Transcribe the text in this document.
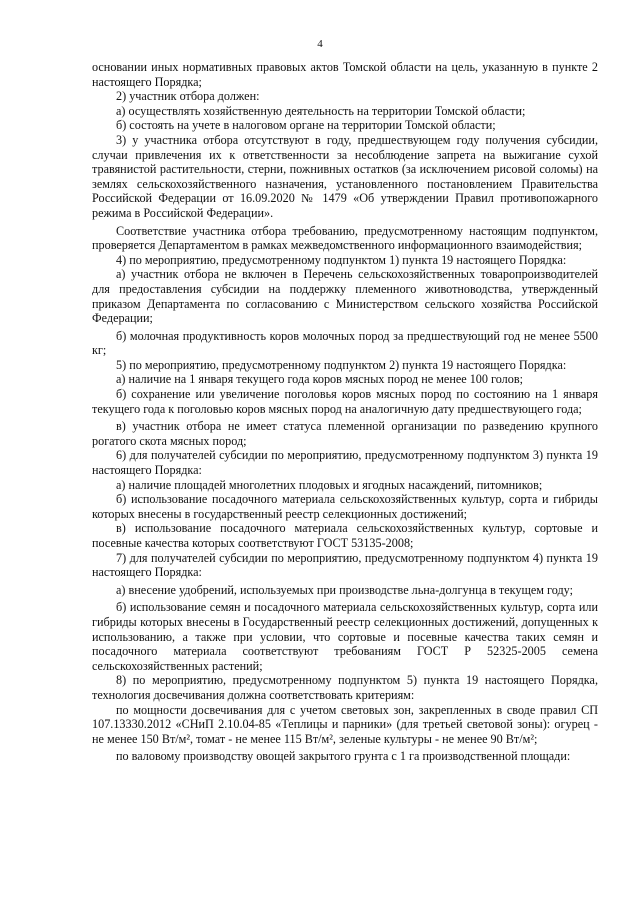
4

основании иных нормативных правовых актов Томской области на цель, указанную в пункте 2 настоящего Порядка;

2) участник отбора должен:

а) осуществлять хозяйственную деятельность на территории Томской области;

б) состоять на учете в налоговом органе на территории Томской области;

3) у участника отбора отсутствуют в году, предшествующем году получения субсидии, случаи привлечения их к ответственности за несоблюдение запрета на выжигание сухой травянистой растительности, стерни, пожнивных остатков (за исключением рисовой соломы) на землях сельскохозяйственного назначения, установленного постановлением Правительства Российской Федерации от 16.09.2020 № 1479 «Об утверждении Правил противопожарного режима в Российской Федерации».

Соответствие участника отбора требованию, предусмотренному настоящим подпунктом, проверяется Департаментом в рамках межведомственного информационного взаимодействия;

4) по мероприятию, предусмотренному подпунктом 1) пункта 19 настоящего Порядка:

а) участник отбора не включен в Перечень сельскохозяйственных товаропроизводителей для предоставления субсидии на поддержку племенного животноводства, утвержденный приказом Департамента по согласованию с Министерством сельского хозяйства Российской Федерации;

б) молочная продуктивность коров молочных пород за предшествующий год не менее 5500 кг;

5) по мероприятию, предусмотренному подпунктом 2) пункта 19 настоящего Порядка:

а) наличие на 1 января текущего года коров мясных пород не менее 100 голов;

б) сохранение или увеличение поголовья коров мясных пород по состоянию на 1 января текущего года к поголовью коров мясных пород на аналогичную дату предшествующего года;

в) участник отбора не имеет статуса племенной организации по разведению крупного рогатого скота мясных пород;

6) для получателей субсидии по мероприятию, предусмотренному подпунктом 3) пункта 19 настоящего Порядка:

а) наличие площадей многолетних плодовых и ягодных насаждений, питомников;

б) использование посадочного материала сельскохозяйственных культур, сорта и гибриды которых внесены в государственный реестр селекционных достижений;

в) использование посадочного материала сельскохозяйственных культур, сортовые и посевные качества которых соответствуют ГОСТ 53135-2008;

7) для получателей субсидии по мероприятию, предусмотренному подпунктом 4) пункта 19 настоящего Порядка:

а) внесение удобрений, используемых при производстве льна-долгунца в текущем году;

б) использование семян и посадочного материала сельскохозяйственных культур, сорта или гибриды которых внесены в Государственный реестр селекционных достижений, допущенных к использованию, а также при условии, что сортовые и посевные качества таких семян и посадочного материала соответствуют требованиям ГОСТ Р 52325-2005 семена сельскохозяйственных растений;

8) по мероприятию, предусмотренному подпунктом 5) пункта 19 настоящего Порядка, технология досвечивания должна соответствовать критериям:

по мощности досвечивания для с учетом световых зон, закрепленных в своде правил СП 107.13330.2012 «СНиП 2.10.04-85 «Теплицы и парники» (для третьей световой зоны): огурец - не менее 150 Вт/м², томат - не менее 115 Вт/м², зеленые культуры - не менее 90 Вт/м²;

по валовому производству овощей закрытого грунта с 1 га производственной площади:
